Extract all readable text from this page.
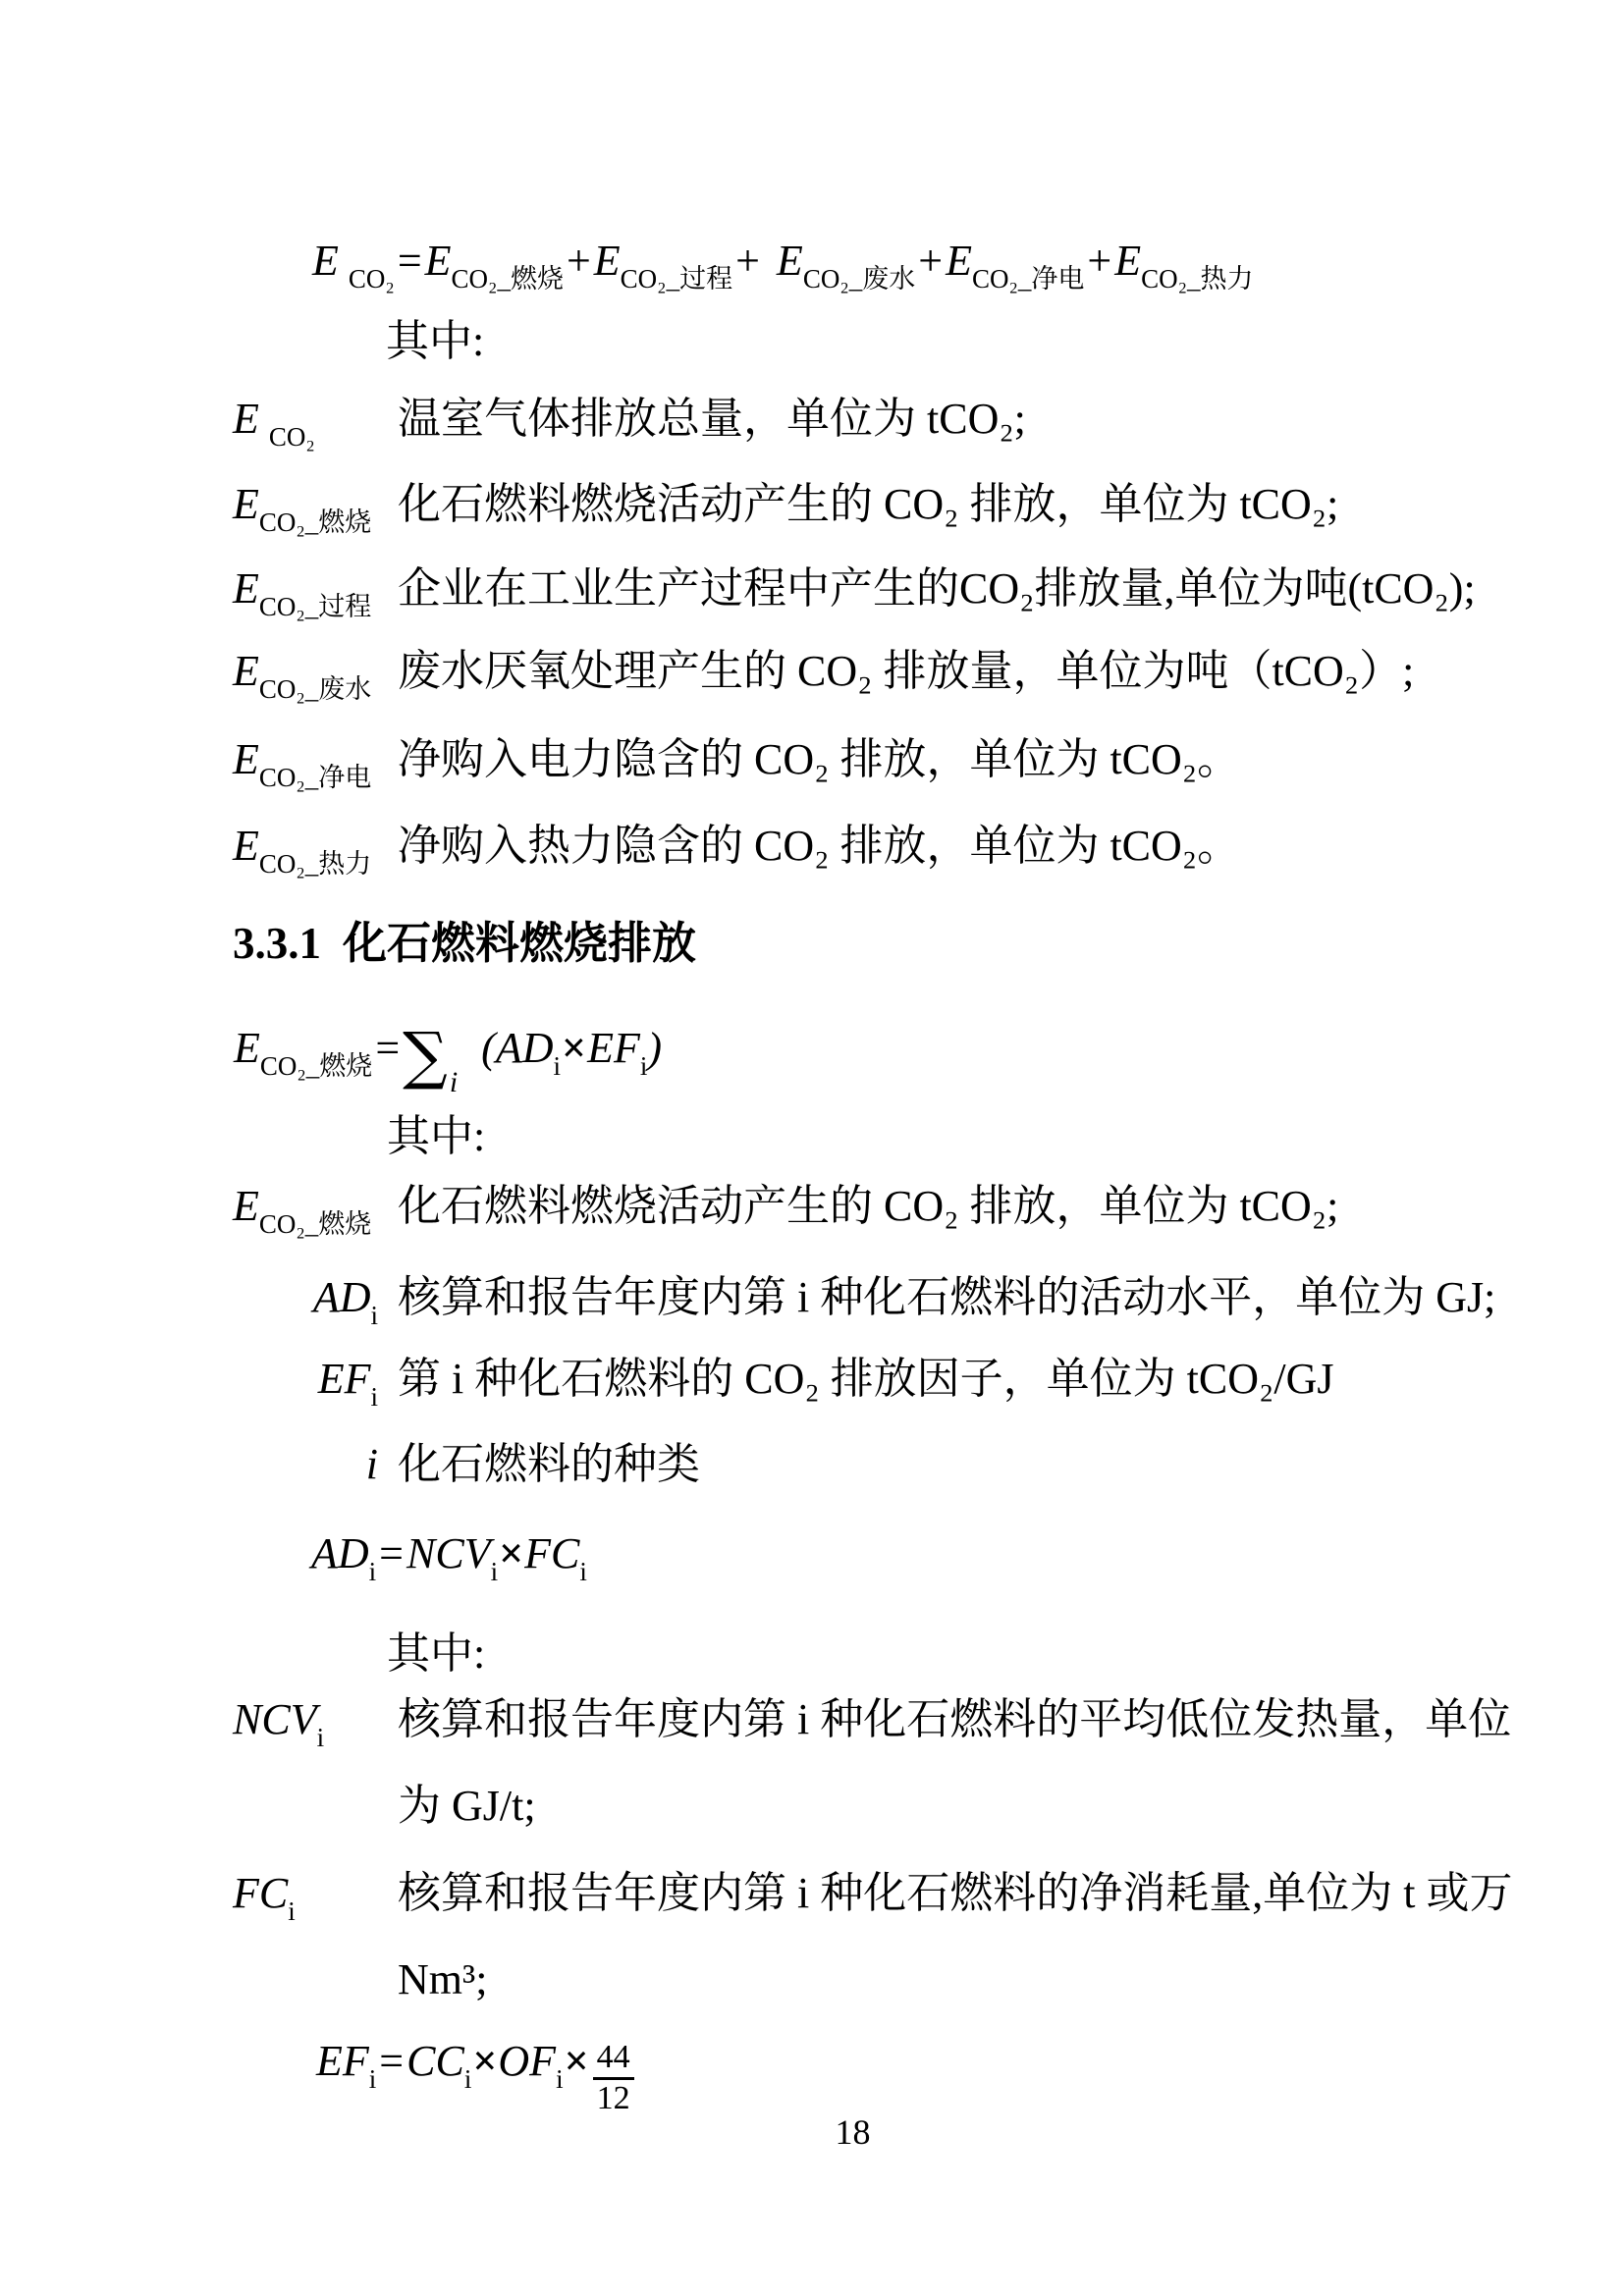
E $_{CO_2}=E_{CO_2\_燃烧}+E_{CO_2\_过程}+ E_{CO_2\_废水}+E_{CO_2\_净电}+E_{CO_2\_热力}$
其中:
E $_{CO_2}$	温室气体排放总量，单位为 tCO₂;
$E_{CO_2\_燃烧}$ 化石燃料燃烧活动产生的 CO₂ 排放，单位为 tCO₂;
$E_{CO_2\_过程}$ 企业在工业生产过程中产生的CO₂排放量,单位为吨(tCO₂);
$E_{CO_2\_废水}$ 废水厌氧处理产生的 CO₂ 排放量，单位为吨（tCO₂）;
$E_{CO_2\_净电}$ 净购入电力隐含的 CO₂ 排放，单位为 tCO₂。
$E_{CO_2\_热力}$ 净购入热力隐含的 CO₂ 排放，单位为 tCO₂。
3.3.1 化石燃料燃烧排放
$E_{CO_2\_燃烧}=\sum_i(AD_i\times EF_i)$
其中:
$E_{CO_2\_燃烧}$ 化石燃料燃烧活动产生的 CO₂ 排放，单位为 tCO₂;
$AD_i$ 核算和报告年度内第 i 种化石燃料的活动水平，单位为 GJ;
$EF_i$ 第 i 种化石燃料的 CO₂ 排放因子，单位为 tCO₂/GJ
i 化石燃料的种类
$AD_i=NCV_i\times FC_i$
其中:
$NCV_i$	核算和报告年度内第 i 种化石燃料的平均低位发热量，单位
为 GJ/t;
$FC_i$	核算和报告年度内第 i 种化石燃料的净消耗量,单位为 t 或万
Nm³;
$EF_i=CC_i\times OF_i\times \frac{44}{12}$
18
